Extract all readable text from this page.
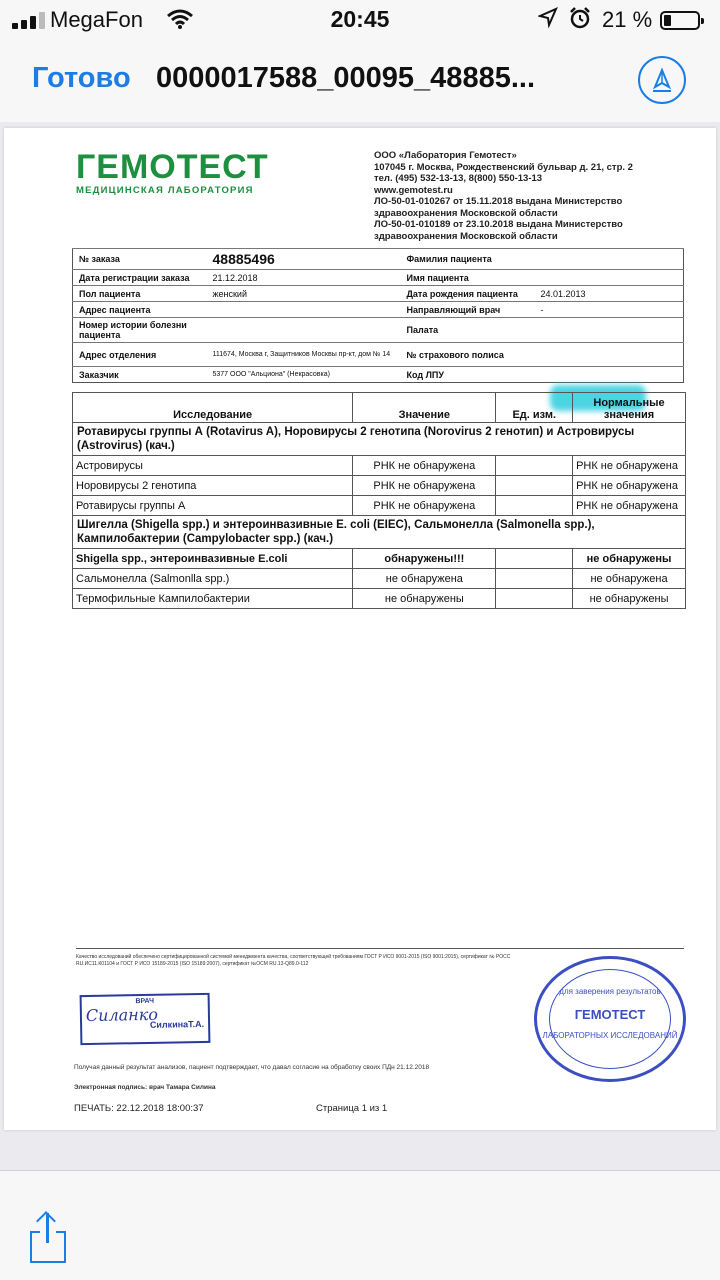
MegaFon	20:45	21 %
Готово 0000017588_00095_48885...
ГЕМОТЕСТ
МЕДИЦИНСКАЯ ЛАБОРАТОРИЯ
ООО «Лаборатория Гемотест»
107045 г. Москва, Рождественский бульвар д. 21, стр. 2
тел. (495) 532-13-13, 8(800) 550-13-13
www.gemotest.ru
ЛО-50-01-010267 от 15.11.2018 выдана Министерство
здравоохранения Московской области
ЛО-50-01-010189 от 23.10.2018 выдана Министерство
здравоохранения Московской области
№ заказа	48885496	Фамилия пациента	
Дата регистрации заказа	21.12.2018	Имя пациента	
Пол пациента	женский	Дата рождения пациента	24.01.2013
Адрес пациента		Направляющий врач	-
Номер истории болезни пациента		Палата	
Адрес отделения	111674, Москва г, Защитников Москвы пр-кт, дом № 14	№ страхового полиса	
Заказчик	5377 ООО "Альциона" (Некрасовка)	Код ЛПУ	
Исследование	Значение	Ед. изм.	Нормальные значения
Ротавирусы группы А (Rotavirus A), Норовирусы 2 генотипа (Norovirus 2 генотип) и Астровирусы (Astrovirus) (кач.)			
Астровирусы	РНК не обнаружена		РНК не обнаружена
Норовирусы 2 генотипа	РНК не обнаружена		РНК не обнаружена
Ротавирусы группы А	РНК не обнаружена		РНК не обнаружена
Шигелла (Shigella spp.) и энтероинвазивные E. coli (EIEC), Сальмонелла (Salmonella spp.), Кампилобактерии (Campylobacter spp.) (кач.)			
Shigella spp., энтероинвазивные E.coli	обнаружены!!!		не обнаружены
Сальмонелла (Salmonlla spp.)	не обнаружена		не обнаружена
Термофильные Кампилобактерии	не обнаружены		не обнаружены
Качество исследований обеспечено сертифицированной системой менеджмента качества, соответствующей требованиям ГОСТ Р ИСО 9001-2015 (ISO 9001:2015), сертификат № РОСС RU.ИС11.К01104 и ГОСТ Р ИСО 15189-2015 (ISO 15189:2007), сертификат №ОСМ RU.13-Q89.0-112
ВРАЧ
Силанко
СилкинаТ.А.
для заверения результатов
ГЕМОТЕСТ
ЛАБОРАТОРНЫХ ИССЛЕДОВАНИЙ
Получая данный результат анализов, пациент подтверждает, что давал согласие на обработку своих ПДн 21.12.2018
Электронная подпись: врач Тамара Силина
ПЕЧАТЬ: 22.12.2018 18:00:37	Страница 1 из 1
